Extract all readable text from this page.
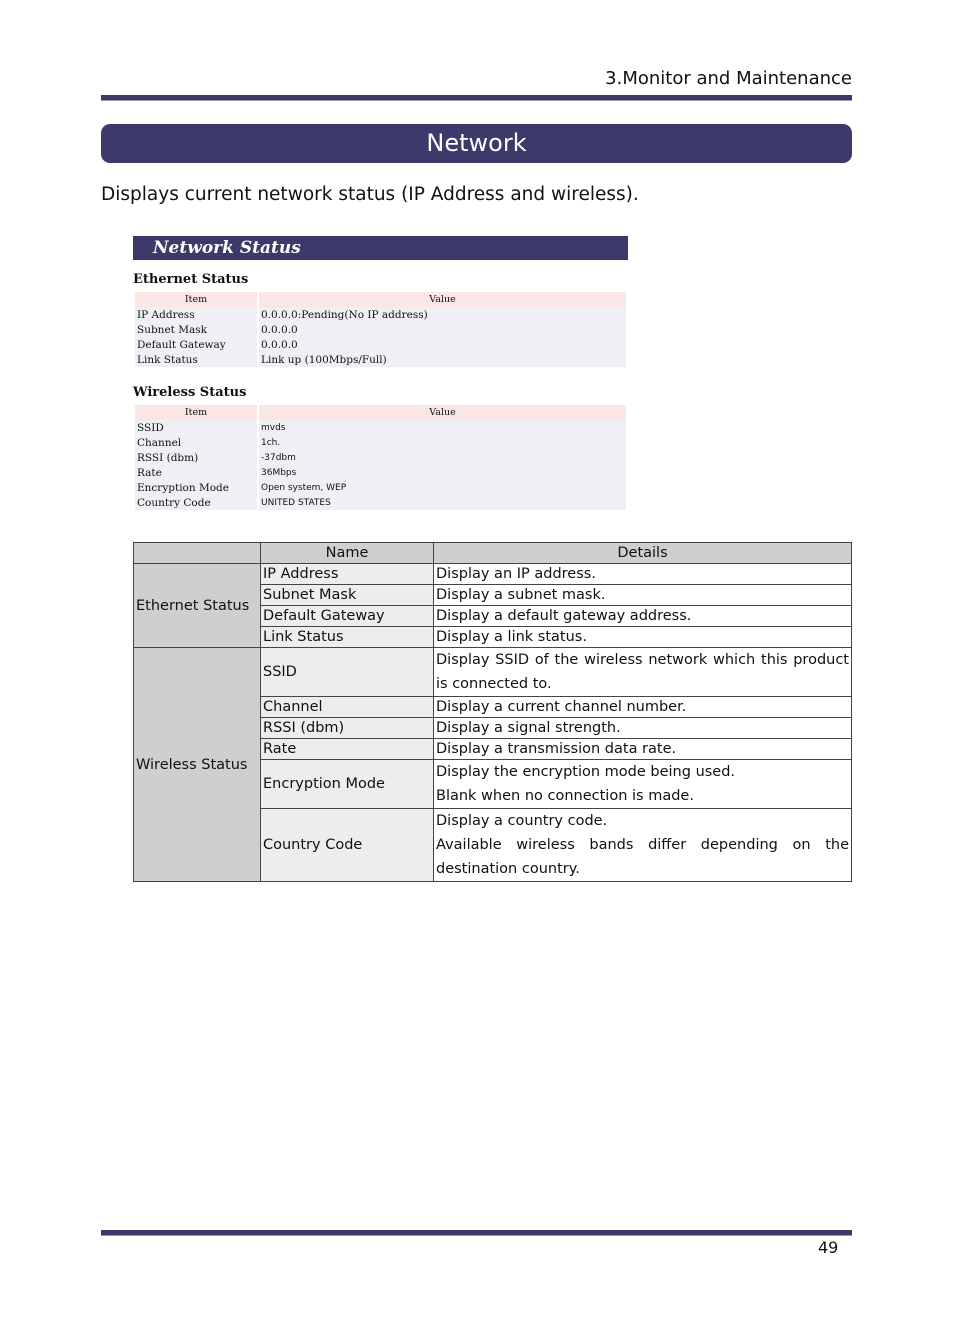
3.Monitor and Maintenance
Network
Displays current network status (IP Address and wireless).
Network Status
Ethernet Status
Item	Value
IP Address	0.0.0.0:Pending(No IP address)
Subnet Mask	0.0.0.0
Default Gateway	0.0.0.0
Link Status	Link up (100Mbps/Full)
Wireless Status
Item	Value
SSID	mvds
Channel	1ch.
RSSI (dbm)	-37dbm
Rate	36Mbps
Encryption Mode	Open system, WEP
Country Code	UNITED STATES
	Name	Details
Ethernet Status	IP Address	Display an IP address.
	Subnet Mask	Display a subnet mask.
	Default Gateway	Display a default gateway address.
	Link Status	Display a link status.
Wireless Status	SSID	Display SSID of the wireless network which this product is connected to.
	Channel	Display a current channel number.
	RSSI (dbm)	Display a signal strength.
	Rate	Display a transmission data rate.
	Encryption Mode	Display the encryption mode being used.
Blank when no connection is made.

	Country Code	Display a country code.
Available wireless bands differ depending on the destination country.
49
